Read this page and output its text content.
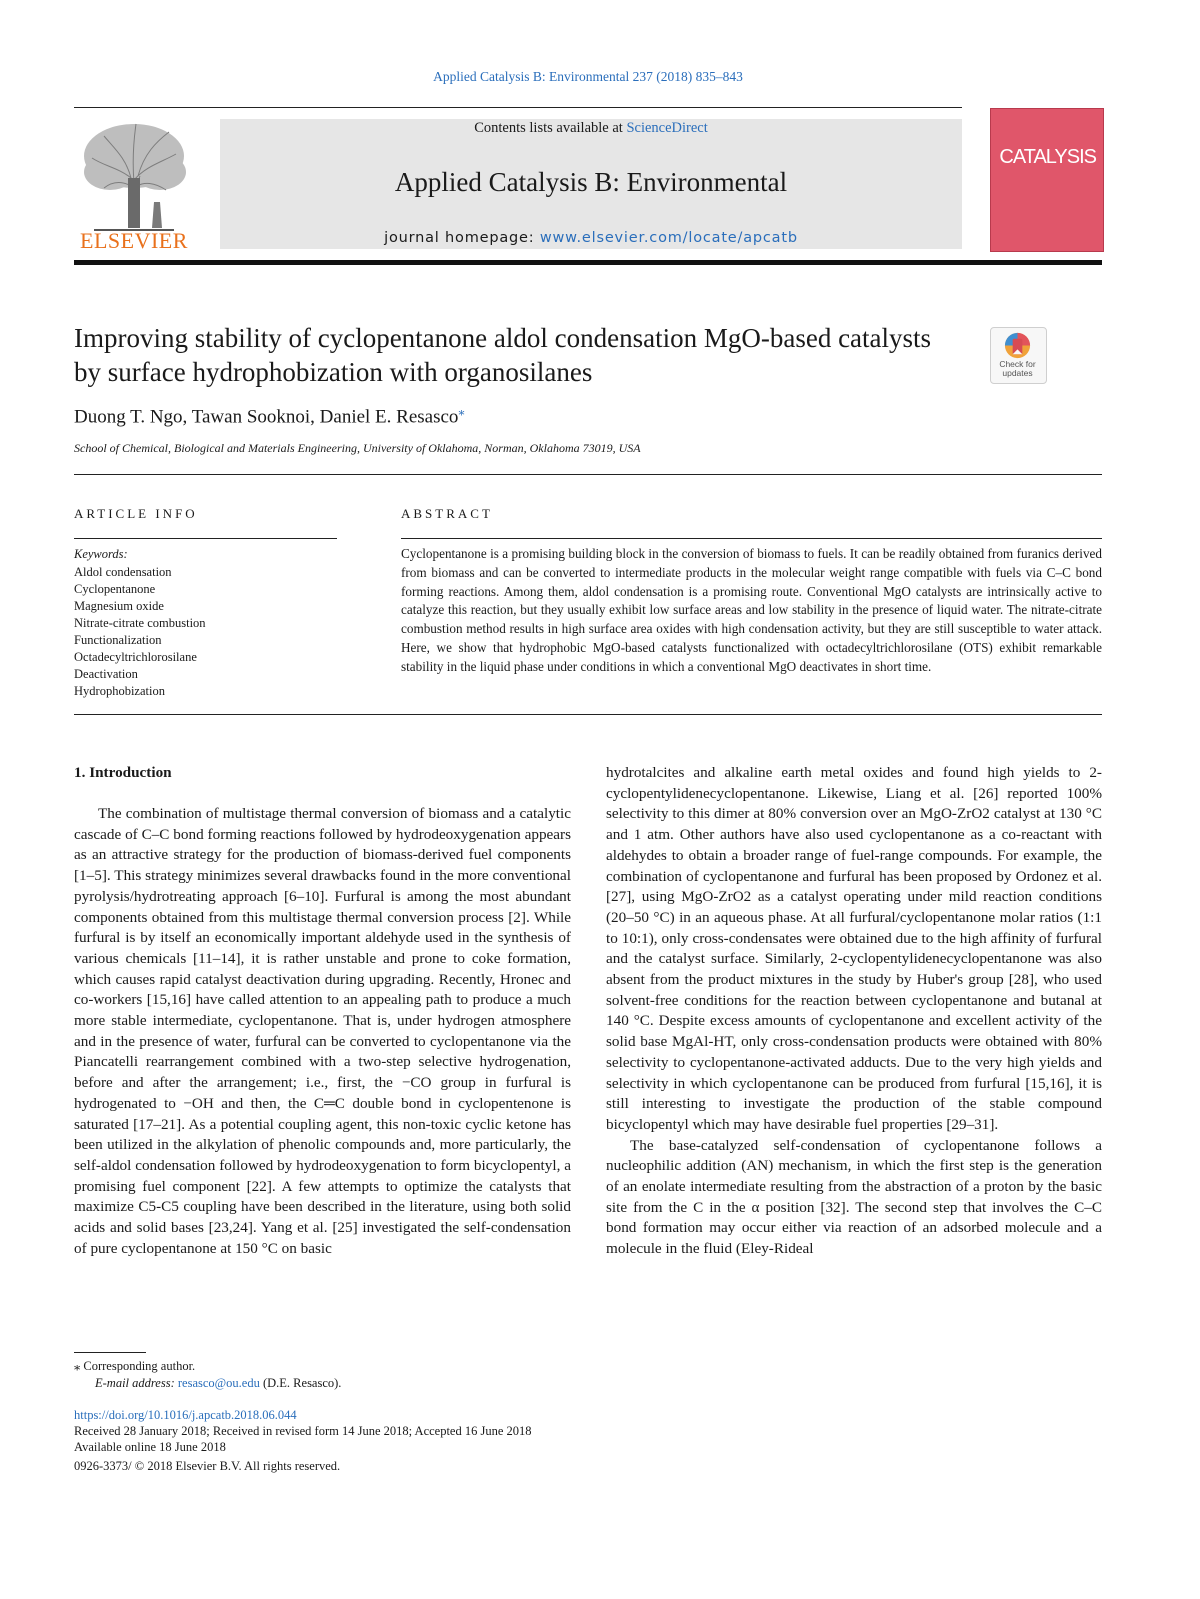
Applied Catalysis B: Environmental 237 (2018) 835–843
ELSEVIER
Contents lists available at ScienceDirect
Applied Catalysis B: Environmental
journal homepage: www.elsevier.com/locate/apcatb
CATALYSIS
Improving stability of cyclopentanone aldol condensation MgO-based catalysts by surface hydrophobization with organosilanes	Check for updates
Duong T. Ngo, Tawan Sooknoi, Daniel E. Resasco⁎
School of Chemical, Biological and Materials Engineering, University of Oklahoma, Norman, Oklahoma 73019, USA
ARTICLE INFO
Keywords:
Aldol condensation
Cyclopentanone
Magnesium oxide
Nitrate-citrate combustion
Functionalization
Octadecyltrichlorosilane
Deactivation
Hydrophobization
ABSTRACT
Cyclopentanone is a promising building block in the conversion of biomass to fuels. It can be readily obtained from furanics derived from biomass and can be converted to intermediate products in the molecular weight range compatible with fuels via C–C bond forming reactions. Among them, aldol condensation is a promising route. Conventional MgO catalysts are intrinsically active to catalyze this reaction, but they usually exhibit low surface areas and low stability in the presence of liquid water. The nitrate-citrate combustion method results in high surface area oxides with high condensation activity, but they are still susceptible to water attack. Here, we show that hydrophobic MgO-based catalysts functionalized with octadecyltrichlorosilane (OTS) exhibit remarkable stability in the liquid phase under conditions in which a conventional MgO deactivates in short time.
1. Introduction

The combination of multistage thermal conversion of biomass and a catalytic cascade of C–C bond forming reactions followed by hydrodeoxygenation appears as an attractive strategy for the production of biomass-derived fuel components [1–5]. This strategy minimizes several drawbacks found in the more conventional pyrolysis/hydrotreating approach [6–10]. Furfural is among the most abundant components obtained from this multistage thermal conversion process [2]. While furfural is by itself an economically important aldehyde used in the synthesis of various chemicals [11–14], it is rather unstable and prone to coke formation, which causes rapid catalyst deactivation during upgrading. Recently, Hronec and co-workers [15,16] have called attention to an appealing path to produce a much more stable intermediate, cyclopentanone. That is, under hydrogen atmosphere and in the presence of water, furfural can be converted to cyclopentanone via the Piancatelli rearrangement combined with a two-step selective hydrogenation, before and after the arrangement; i.e., first, the −CO group in furfural is hydrogenated to −OH and then, the C═C double bond in cyclopentenone is saturated [17–21]. As a potential coupling agent, this non-toxic cyclic ketone has been utilized in the alkylation of phenolic compounds and, more particularly, the self-aldol condensation followed by hydrodeoxygenation to form bicyclopentyl, a promising fuel component [22]. A few attempts to optimize the catalysts that maximize C5-C5 coupling have been described in the literature, using both solid acids and solid bases [23,24]. Yang et al. [25] investigated the self-condensation of pure cyclopentanone at 150 °C on basic

hydrotalcites and alkaline earth metal oxides and found high yields to 2-cyclopentylidenecyclopentanone. Likewise, Liang et al. [26] reported 100% selectivity to this dimer at 80% conversion over an MgO-ZrO2 catalyst at 130 °C and 1 atm. Other authors have also used cyclopentanone as a co-reactant with aldehydes to obtain a broader range of fuel-range compounds. For example, the combination of cyclopentanone and furfural has been proposed by Ordonez et al. [27], using MgO-ZrO2 as a catalyst operating under mild reaction conditions (20–50 °C) in an aqueous phase. At all furfural/cyclopentanone molar ratios (1:1 to 10:1), only cross-condensates were obtained due to the high affinity of furfural and the catalyst surface. Similarly, 2-cyclopentylidenecyclopentanone was also absent from the product mixtures in the study by Huber's group [28], who used solvent-free conditions for the reaction between cyclopentanone and butanal at 140 °C. Despite excess amounts of cyclopentanone and excellent activity of the solid base MgAl-HT, only cross-condensation products were obtained with 80% selectivity to cyclopentanone-activated adducts. Due to the very high yields and selectivity in which cyclopentanone can be produced from furfural [15,16], it is still interesting to investigate the production of the stable compound bicyclopentyl which may have desirable fuel properties [29–31].

The base-catalyzed self-condensation of cyclopentanone follows a nucleophilic addition (AN) mechanism, in which the first step is the generation of an enolate intermediate resulting from the abstraction of a proton by the basic site from the C in the α position [32]. The second step that involves the C–C bond formation may occur either via reaction of an adsorbed molecule and a molecule in the fluid (Eley-Rideal

⁎ Corresponding author.
E-mail address: resasco@ou.edu (D.E. Resasco).
https://doi.org/10.1016/j.apcatb.2018.06.044
Received 28 January 2018; Received in revised form 14 June 2018; Accepted 16 June 2018
Available online 18 June 2018
0926-3373/ © 2018 Elsevier B.V. All rights reserved.
